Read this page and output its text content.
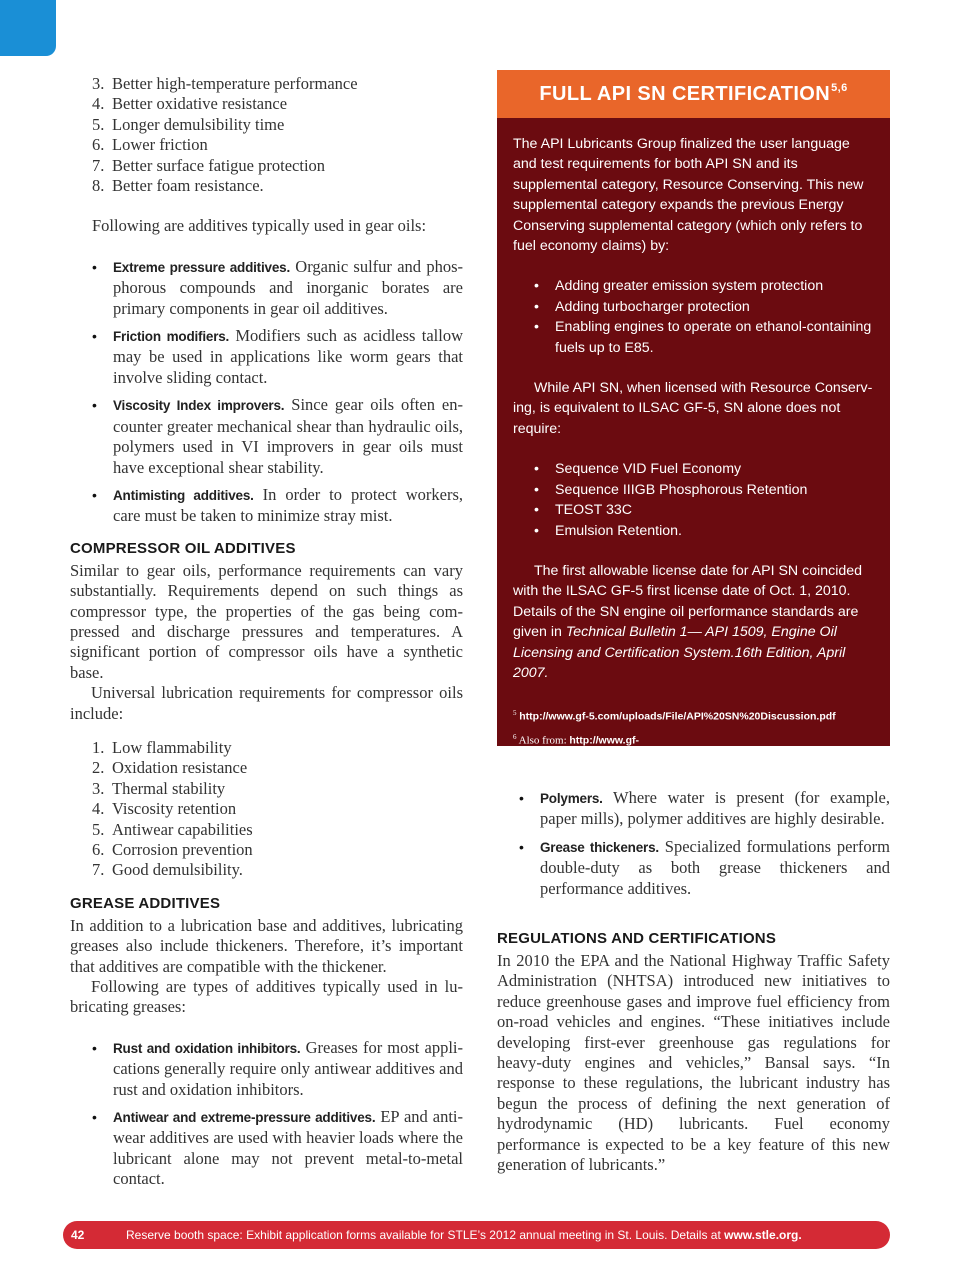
3. Better high-temperature performance
4. Better oxidative resistance
5. Longer demulsibility time
6. Lower friction
7. Better surface fatigue protection
8. Better foam resistance.
Following are additives typically used in gear oils:
• Extreme pressure additives. Organic sulfur and phosphorous compounds and inorganic borates are primary components in gear oil additives.
• Friction modifiers. Modifiers such as acidless tallow may be used in applications like worm gears that involve sliding contact.
• Viscosity Index improvers. Since gear oils often encounter greater mechanical shear than hydraulic oils, polymers used in VI improvers in gear oils must have exceptional shear stability.
• Antimisting additives. In order to protect workers, care must be taken to minimize stray mist.
COMPRESSOR OIL ADDITIVES
Similar to gear oils, performance requirements can vary substantially. Requirements depend on such things as compressor type, the properties of the gas being compressed and discharge pressures and temperatures. A significant portion of compressor oils have a synthetic base.
Universal lubrication requirements for compressor oils include:
1. Low flammability
2. Oxidation resistance
3. Thermal stability
4. Viscosity retention
5. Antiwear capabilities
6. Corrosion prevention
7. Good demulsibility.
GREASE ADDITIVES
In addition to a lubrication base and additives, lubricating greases also include thickeners. Therefore, it’s important that additives are compatible with the thickener.
Following are types of additives typically used in lubricating greases:
• Rust and oxidation inhibitors. Greases for most applications generally require only antiwear additives and rust and oxidation inhibitors.
• Antiwear and extreme-pressure additives. EP and antiwear additives are used with heavier loads where the lubricant alone may not prevent metal-to-metal contact.
FULL API SN CERTIFICATION$^{5,6}$

The API Lubricants Group finalized the user language and test requirements for both API SN and its supplemental category, Resource Conserving. This new supplemental category expands the previous Energy Conserving supplemental category (which only refers to fuel economy claims) by:

• Adding greater emission system protection
• Adding turbocharger protection
• Enabling engines to operate on ethanol-containing fuels up to E85.

While API SN, when licensed with Resource Conserving, is equivalent to ILSAC GF-5, SN alone does not require:

• Sequence VID Fuel Economy
• Sequence IIIGB Phosphorous Retention
• TEOST 33C
• Emulsion Retention.

The first allowable license date for API SN coincided with the ILSAC GF-5 first license date of Oct. 1, 2010. Details of the SN engine oil performance standards are given in Technical Bulletin 1— API 1509, Engine Oil Licensing and Certification System.16th Edition, April 2007.

$^5$ http://www.gf-5.com/uploads/File/API%20SN%20Discussion.pdf
$^6$ Also from: http://www.gf-5.com/uploads/File/API%20SN%20Discussion.pdf
• Polymers. Where water is present (for example, paper mills), polymer additives are highly desirable.
• Grease thickeners. Specialized formulations perform double-duty as both grease thickeners and performance additives.
REGULATIONS AND CERTIFICATIONS
In 2010 the EPA and the National Highway Traffic Safety Administration (NHTSA) introduced new initiatives to reduce greenhouse gases and improve fuel efficiency from on-road vehicles and engines. “These initiatives include developing first-ever greenhouse gas regulations for heavy-duty engines and vehicles,” Bansal says. “In response to these regulations, the lubricant industry has begun the process of defining the next generation of hydrodynamic (HD) lubricants. Fuel economy performance is expected to be a key feature of this new generation of lubricants.”
42	Reserve booth space: Exhibit application forms available for STLE’s 2012 annual meeting in St. Louis. Details at www.stle.org.
